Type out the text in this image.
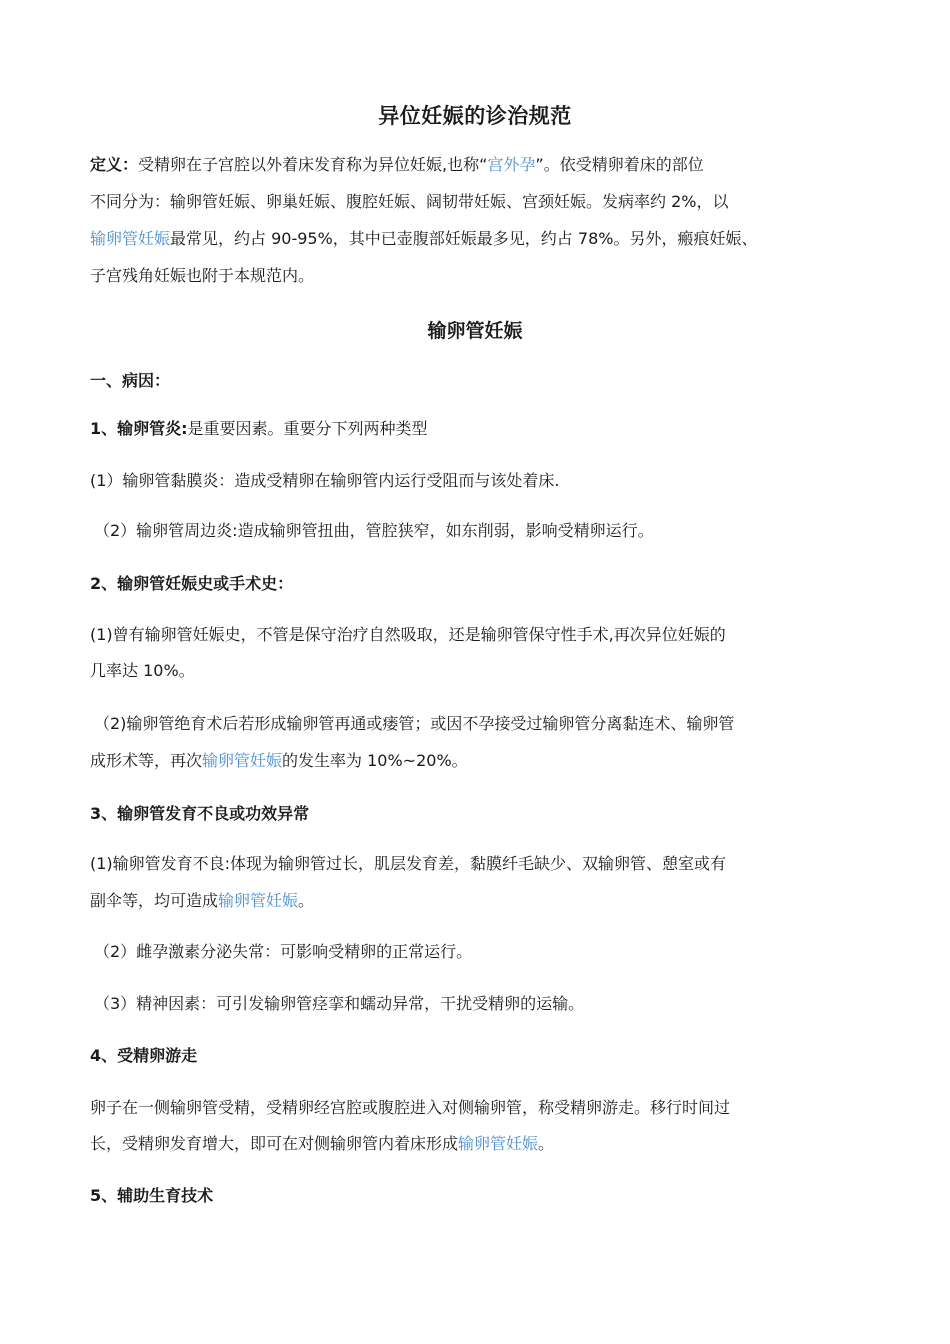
异位妊娠的诊治规范
定义：受精卵在子宫腔以外着床发育称为异位妊娠,也称“宫外孕”。依受精卵着床的部位
不同分为：输卵管妊娠、卵巢妊娠、腹腔妊娠、阔韧带妊娠、宫颈妊娠。发病率约 2%，以
输卵管妊娠最常见，约占 90-95%，其中已壶腹部妊娠最多见，约占 78%。另外，瘢痕妊娠、
子宫残角妊娠也附于本规范内。
输卵管妊娠
一、病因：
1、输卵管炎:是重要因素。重要分下列两种类型
(1）输卵管黏膜炎：造成受精卵在输卵管内运行受阻而与该处着床.
（2）输卵管周边炎:造成输卵管扭曲，管腔狭窄，如东削弱，影响受精卵运行。
2、输卵管妊娠史或手术史：
(1)曾有输卵管妊娠史，不管是保守治疗自然吸取，还是输卵管保守性手术,再次异位妊娠的
几率达 10%。
（2)输卵管绝育术后若形成输卵管再通或瘘管；或因不孕接受过输卵管分离黏连术、输卵管
成形术等，再次输卵管妊娠的发生率为 10%~20%。
3、输卵管发育不良或功效异常
(1)输卵管发育不良:体现为输卵管过长，肌层发育差，黏膜纤毛缺少、双输卵管、憩室或有
副伞等，均可造成输卵管妊娠。
（2）雌孕激素分泌失常：可影响受精卵的正常运行。
（3）精神因素：可引发输卵管痉挛和蠕动异常，干扰受精卵的运输。
4、受精卵游走
卵子在一侧输卵管受精，受精卵经宫腔或腹腔进入对侧输卵管，称受精卵游走。移行时间过
长，受精卵发育增大，即可在对侧输卵管内着床形成输卵管妊娠。
5、辅助生育技术
